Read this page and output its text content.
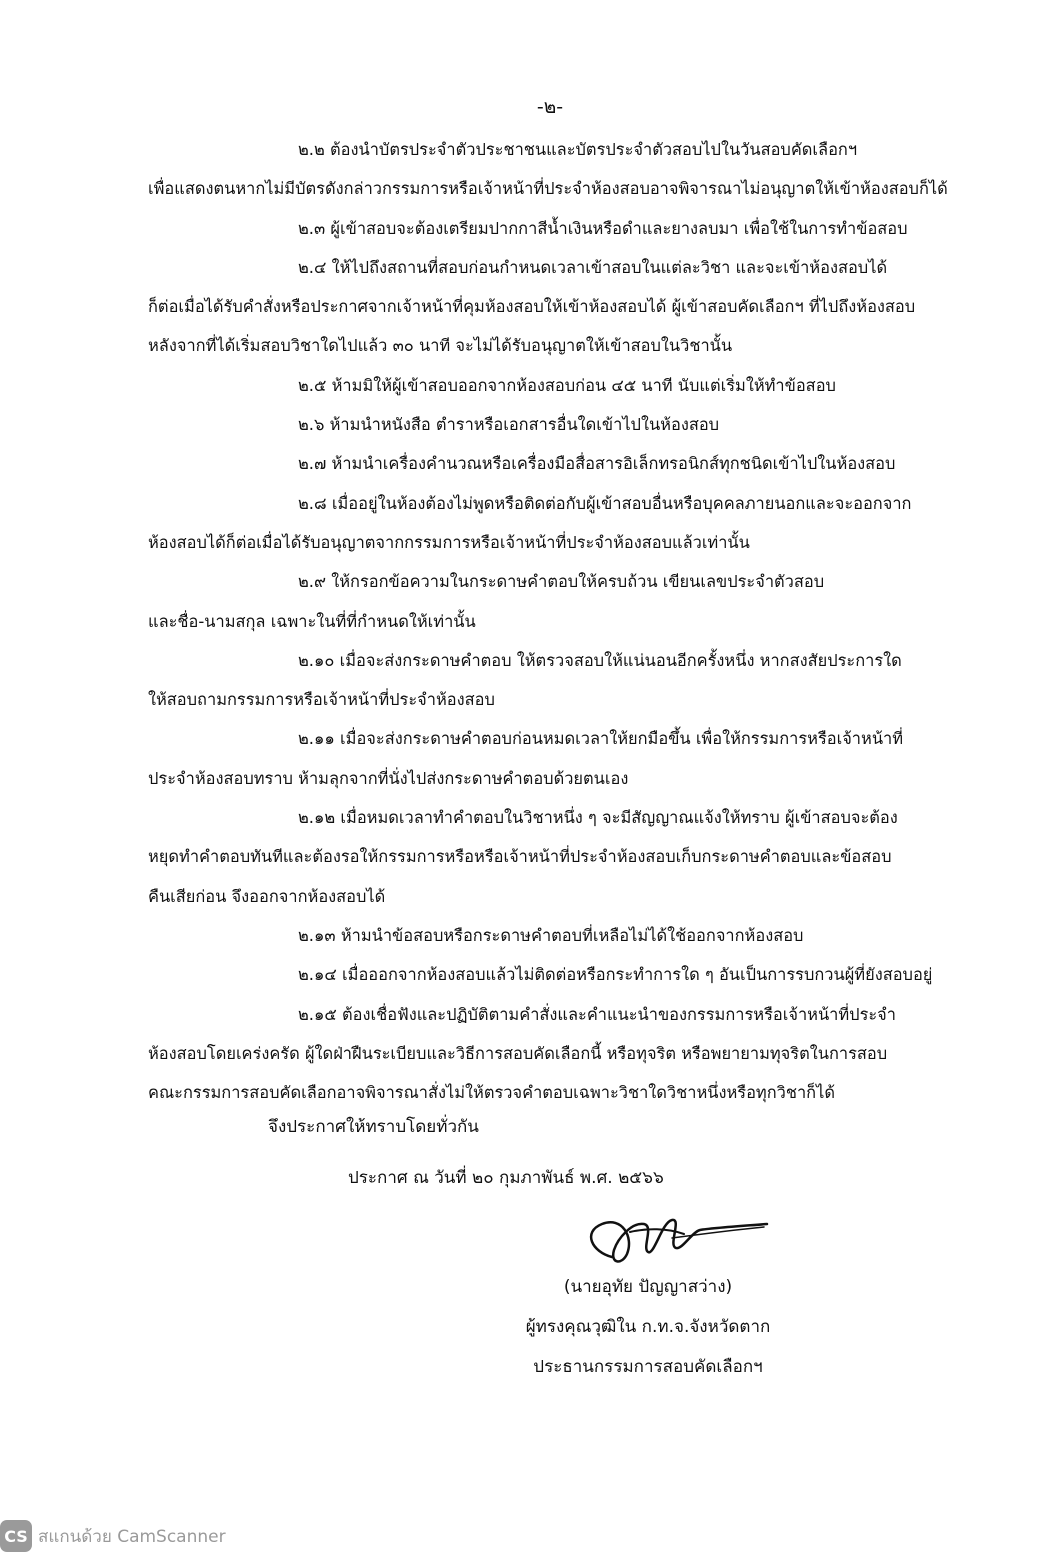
-๒-

๒.๒ ต้องนำบัตรประจำตัวประชาชนและบัตรประจำตัวสอบไปในวันสอบคัดเลือกฯ
เพื่อแสดงตนหากไม่มีบัตรดังกล่าวกรรมการหรือเจ้าหน้าที่ประจำห้องสอบอาจพิจารณาไม่อนุญาตให้เข้าห้องสอบก็ได้

๒.๓ ผู้เข้าสอบจะต้องเตรียมปากกาสีน้ำเงินหรือดำและยางลบมา เพื่อใช้ในการทำข้อสอบ

๒.๔ ให้ไปถึงสถานที่สอบก่อนกำหนดเวลาเข้าสอบในแต่ละวิชา และจะเข้าห้องสอบได้
ก็ต่อเมื่อได้รับคำสั่งหรือประกาศจากเจ้าหน้าที่คุมห้องสอบให้เข้าห้องสอบได้ ผู้เข้าสอบคัดเลือกฯ ที่ไปถึงห้องสอบ
หลังจากที่ได้เริ่มสอบวิชาใดไปแล้ว ๓๐ นาที จะไม่ได้รับอนุญาตให้เข้าสอบในวิชานั้น

๒.๕ ห้ามมิให้ผู้เข้าสอบออกจากห้องสอบก่อน ๔๕ นาที นับแต่เริ่มให้ทำข้อสอบ

๒.๖ ห้ามนำหนังสือ ตำราหรือเอกสารอื่นใดเข้าไปในห้องสอบ

๒.๗ ห้ามนำเครื่องคำนวณหรือเครื่องมือสื่อสารอิเล็กทรอนิกส์ทุกชนิดเข้าไปในห้องสอบ

๒.๘ เมื่ออยู่ในห้องต้องไม่พูดหรือติดต่อกับผู้เข้าสอบอื่นหรือบุคคลภายนอกและจะออกจาก
ห้องสอบได้ก็ต่อเมื่อได้รับอนุญาตจากกรรมการหรือเจ้าหน้าที่ประจำห้องสอบแล้วเท่านั้น

๒.๙ ให้กรอกข้อความในกระดาษคำตอบให้ครบถ้วน เขียนเลขประจำตัวสอบ
และชื่อ-นามสกุล เฉพาะในที่ที่กำหนดให้เท่านั้น

๒.๑๐ เมื่อจะส่งกระดาษคำตอบ ให้ตรวจสอบให้แน่นอนอีกครั้งหนึ่ง หากสงสัยประการใด
ให้สอบถามกรรมการหรือเจ้าหน้าที่ประจำห้องสอบ

๒.๑๑ เมื่อจะส่งกระดาษคำตอบก่อนหมดเวลาให้ยกมือขึ้น เพื่อให้กรรมการหรือเจ้าหน้าที่
ประจำห้องสอบทราบ ห้ามลุกจากที่นั่งไปส่งกระดาษคำตอบด้วยตนเอง

๒.๑๒ เมื่อหมดเวลาทำคำตอบในวิชาหนึ่ง ๆ จะมีสัญญาณแจ้งให้ทราบ ผู้เข้าสอบจะต้อง
หยุดทำคำตอบทันทีและต้องรอให้กรรมการหรือหรือเจ้าหน้าที่ประจำห้องสอบเก็บกระดาษคำตอบและข้อสอบ
คืนเสียก่อน จึงออกจากห้องสอบได้

๒.๑๓ ห้ามนำข้อสอบหรือกระดาษคำตอบที่เหลือไม่ได้ใช้ออกจากห้องสอบ

๒.๑๔ เมื่อออกจากห้องสอบแล้วไม่ติดต่อหรือกระทำการใด ๆ อันเป็นการรบกวนผู้ที่ยังสอบอยู่

๒.๑๕ ต้องเชื่อฟังและปฏิบัติตามคำสั่งและคำแนะนำของกรรมการหรือเจ้าหน้าที่ประจำ
ห้องสอบโดยเคร่งครัด ผู้ใดฝ่าฝืนระเบียบและวิธีการสอบคัดเลือกนี้ หรือทุจริต หรือพยายามทุจริตในการสอบ
คณะกรรมการสอบคัดเลือกอาจพิจารณาสั่งไม่ให้ตรวจคำตอบเฉพาะวิชาใดวิชาหนึ่งหรือทุกวิชาก็ได้

จึงประกาศให้ทราบโดยทั่วกัน
ประกาศ ณ วันที่ ๒๐ กุมภาพันธ์ พ.ศ. ๒๕๖๖
(นายอุทัย ปัญญาสว่าง)
ผู้ทรงคุณวุฒิใน ก.ท.จ.จังหวัดตาก
ประธานกรรมการสอบคัดเลือกฯ
CS สแกนด้วย CamScanner
